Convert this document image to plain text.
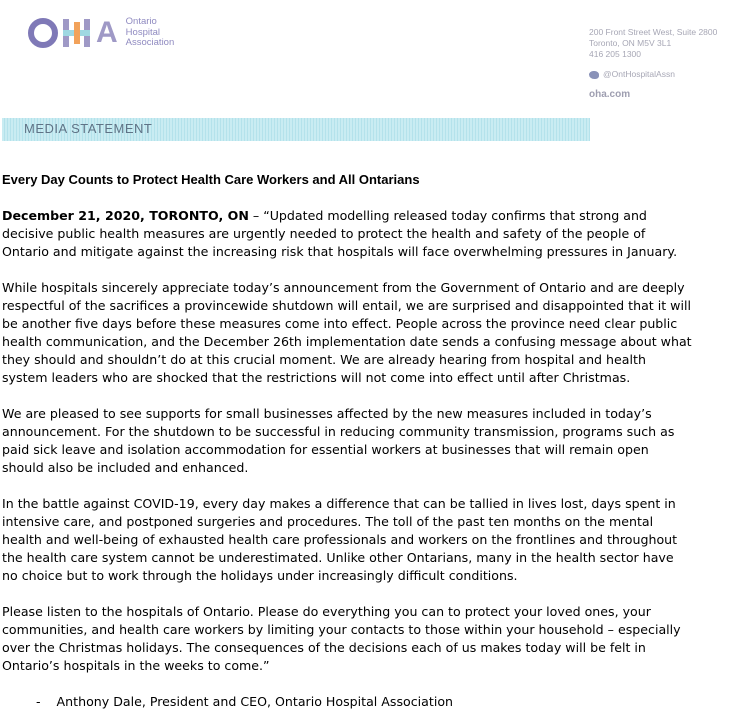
A Ontario
Hospital
Association
200 Front Street West, Suite 2800
Toronto, ON M5V 3L1
416 205 1300
@OntHospitalAssn
oha.com
MEDIA STATEMENT
Every Day Counts to Protect Health Care Workers and All Ontarians

December 21, 2020, TORONTO, ON – “Updated modelling released today confirms that strong and decisive public health measures are urgently needed to protect the health and safety of the people of Ontario and mitigate against the increasing risk that hospitals will face overwhelming pressures in January.

While hospitals sincerely appreciate today’s announcement from the Government of Ontario and are deeply respectful of the sacrifices a provincewide shutdown will entail, we are surprised and disappointed that it will be another five days before these measures come into effect. People across the province need clear public health communication, and the December 26th implementation date sends a confusing message about what they should and shouldn’t do at this crucial moment. We are already hearing from hospital and health system leaders who are shocked that the restrictions will not come into effect until after Christmas.

We are pleased to see supports for small businesses affected by the new measures included in today’s announcement. For the shutdown to be successful in reducing community transmission, programs such as paid sick leave and isolation accommodation for essential workers at businesses that will remain open should also be included and enhanced.

In the battle against COVID-19, every day makes a difference that can be tallied in lives lost, days spent in intensive care, and postponed surgeries and procedures. The toll of the past ten months on the mental health and well-being of exhausted health care professionals and workers on the frontlines and throughout the health care system cannot be underestimated. Unlike other Ontarians, many in the health sector have no choice but to work through the holidays under increasingly difficult conditions.

Please listen to the hospitals of Ontario. Please do everything you can to protect your loved ones, your communities, and health care workers by limiting your contacts to those within your household – especially over the Christmas holidays. The consequences of the decisions each of us makes today will be felt in Ontario’s hospitals in the weeks to come.”

- Anthony Dale, President and CEO, Ontario Hospital Association
